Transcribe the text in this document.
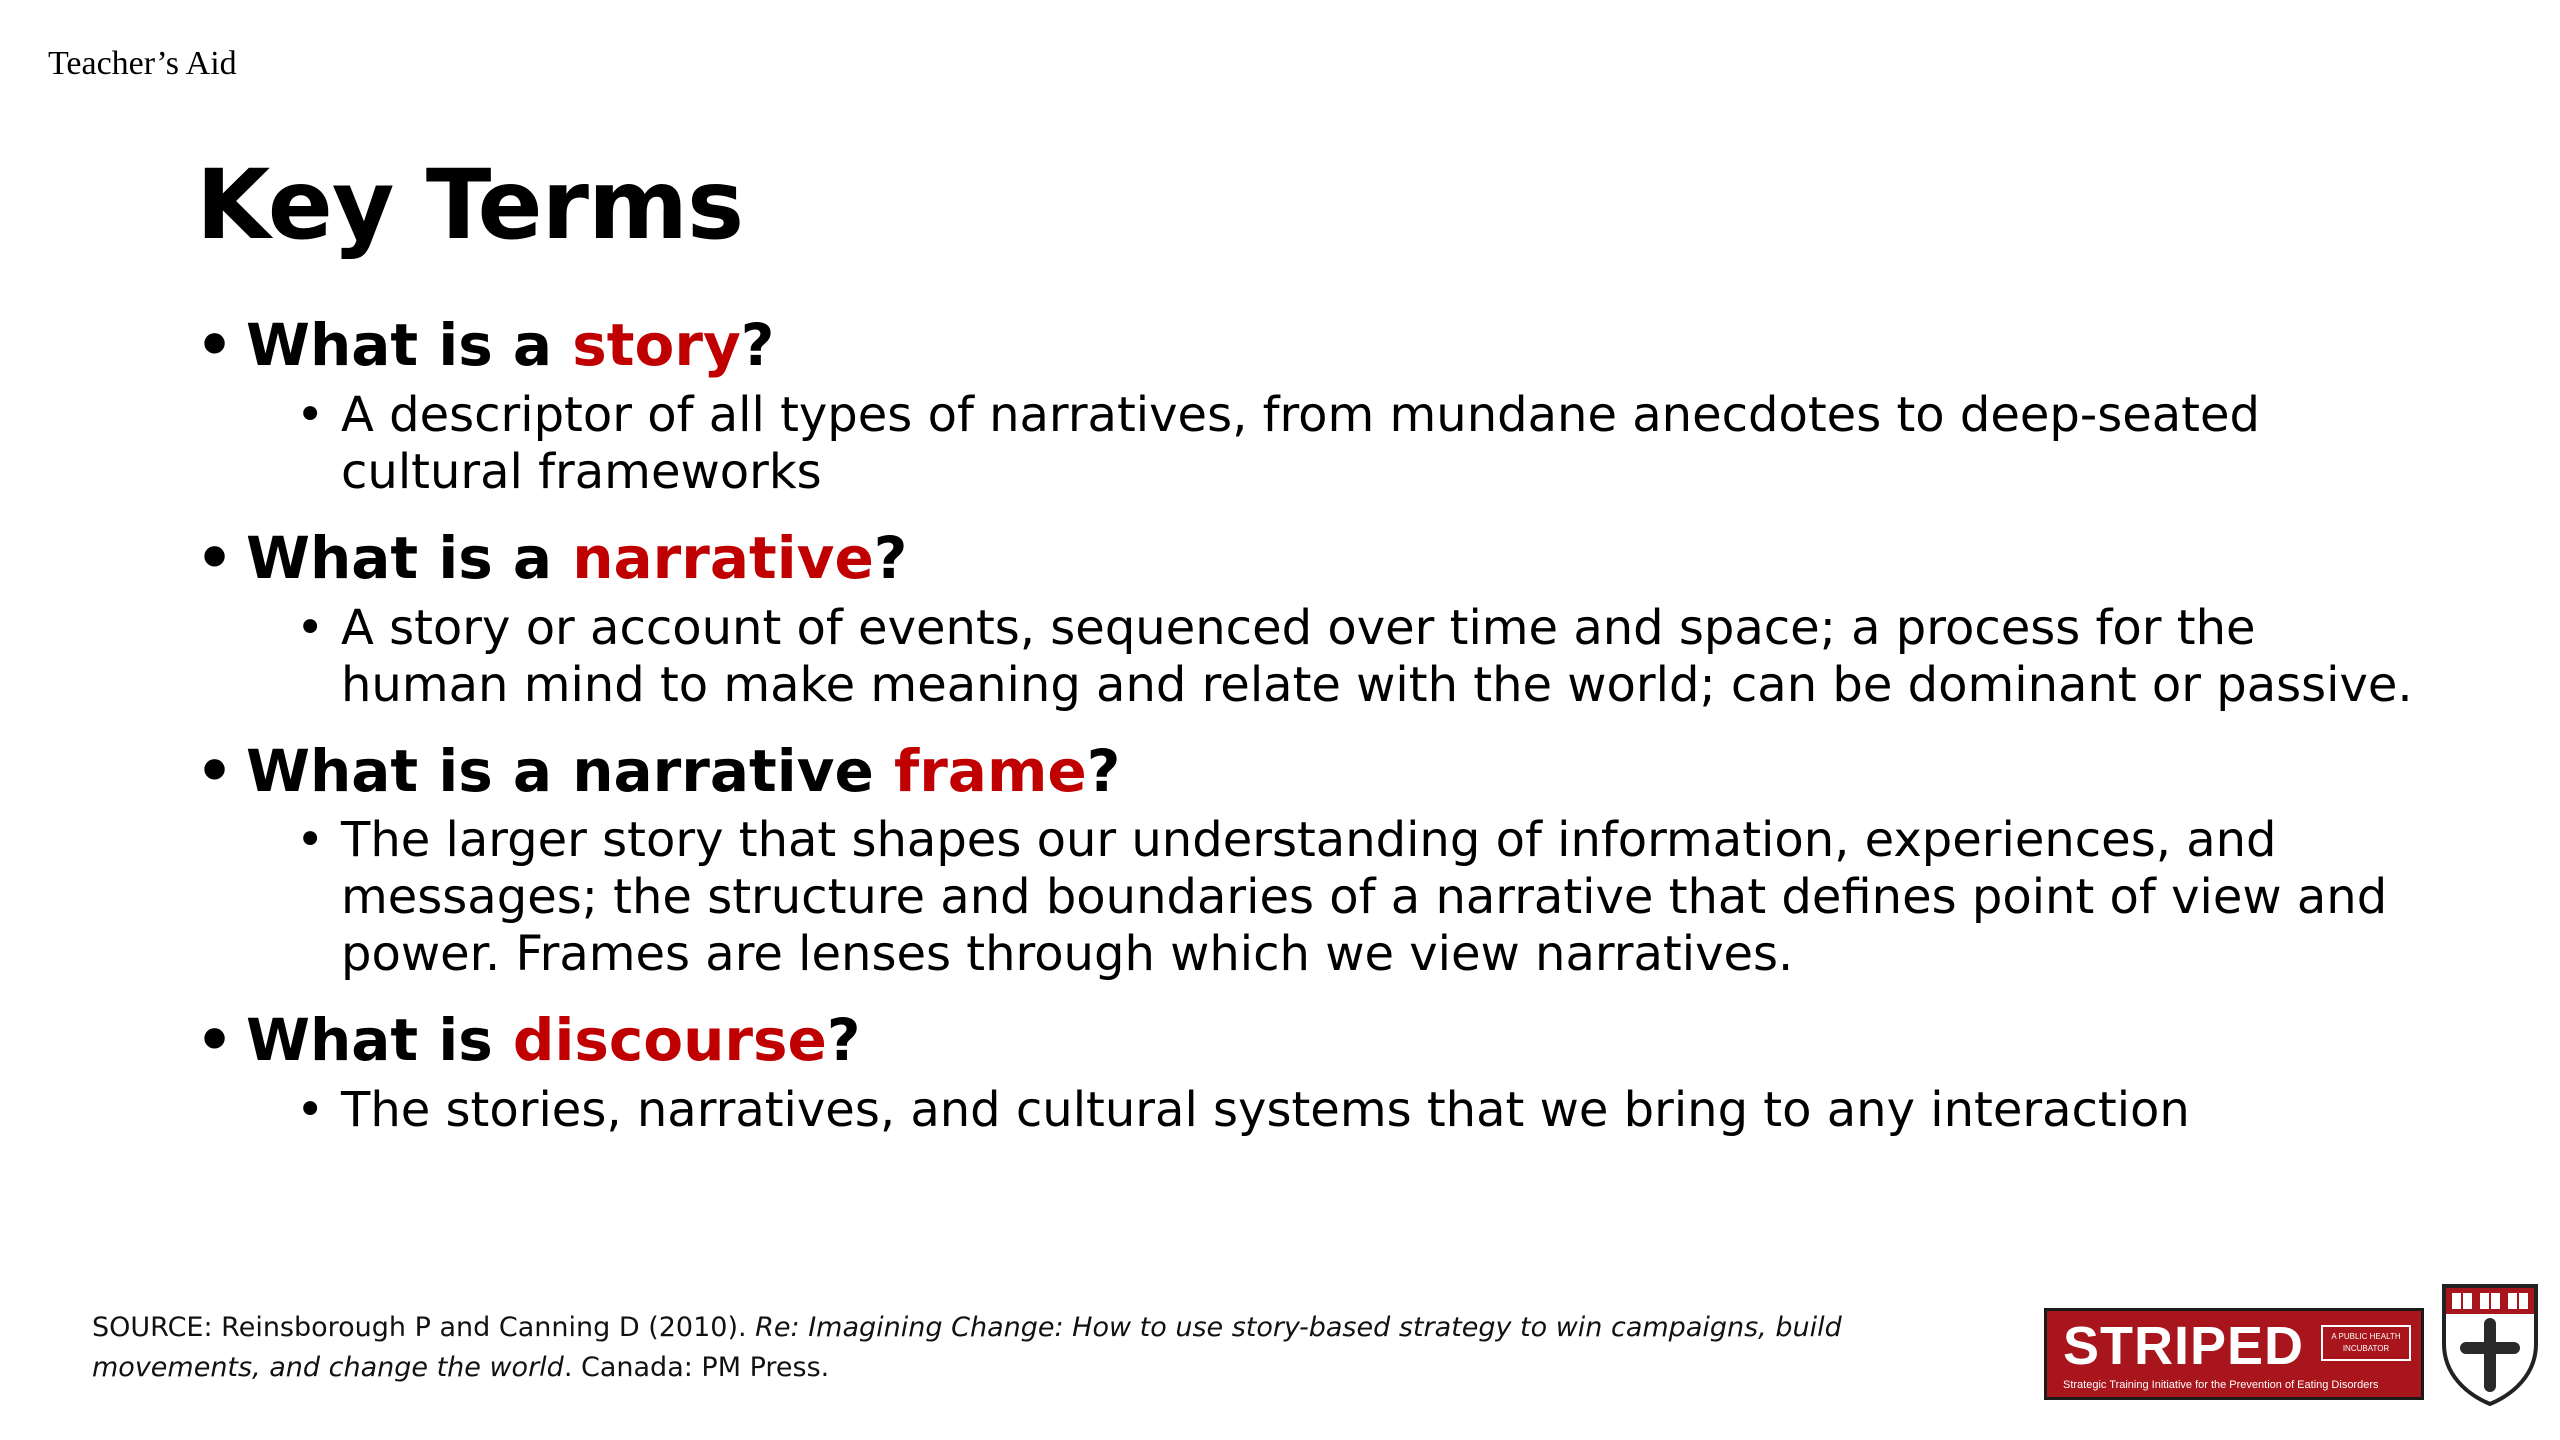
Teacher’s Aid
Key Terms
• What is a story?
• A descriptor of all types of narratives, from mundane anecdotes to deep-seated cultural frameworks
• What is a narrative?
• A story or account of events, sequenced over time and space; a process for the human mind to make meaning and relate with the world; can be dominant or passive.
• What is a narrative frame?
• The larger story that shapes our understanding of information, experiences, and messages; the structure and boundaries of a narrative that defines point of view and power. Frames are lenses through which we view narratives.
• What is discourse?
• The stories, narratives, and cultural systems that we bring to any interaction
SOURCE: Reinsborough P and Canning D (2010). Re: Imagining Change: How to use story-based strategy to win campaigns, build movements, and change the world. Canada: PM Press.	STRIPED	A PUBLIC HEALTH INCUBATOR
Strategic Training Initiative for the Prevention of Eating Disorders
